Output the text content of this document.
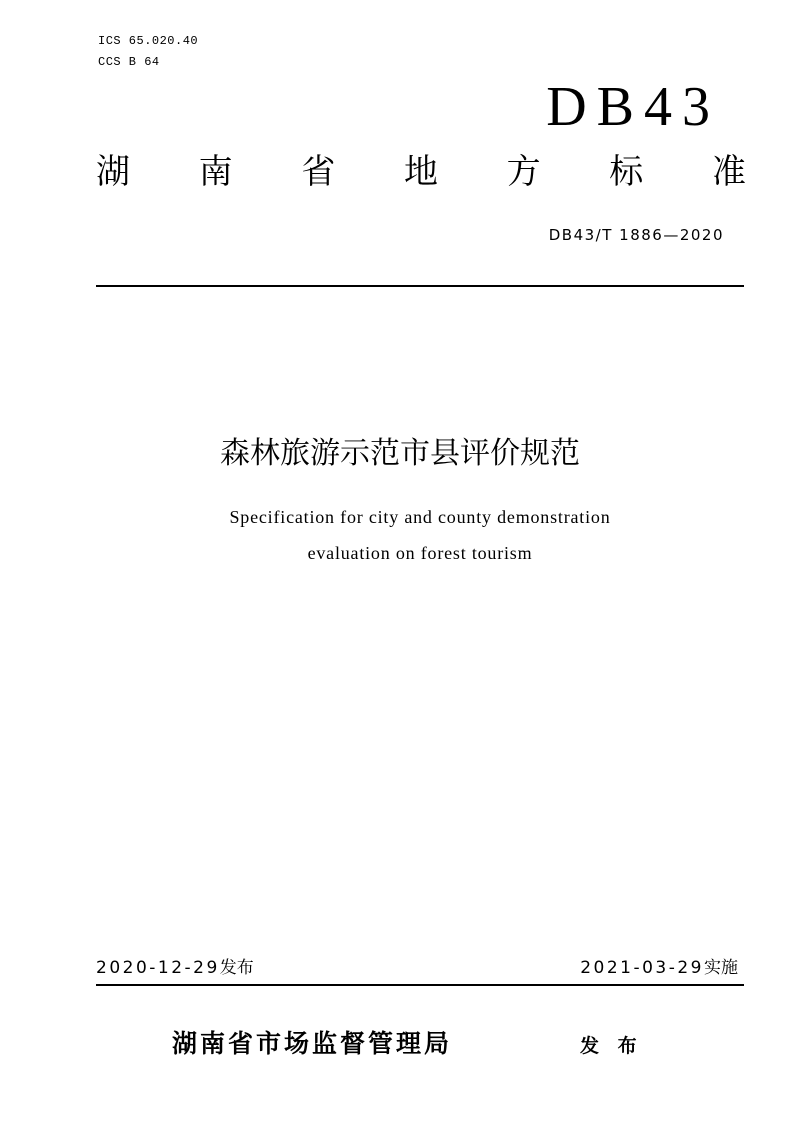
ICS 65.020.40
CCS B 64
DB43
湖 南 省 地 方 标 准
DB43/T 1886—2020
森林旅游示范市县评价规范
Specification for city and county demonstration
evaluation on forest tourism
2020-12-29发布	2021-03-29实施
湖南省市场监督管理局	发 布
